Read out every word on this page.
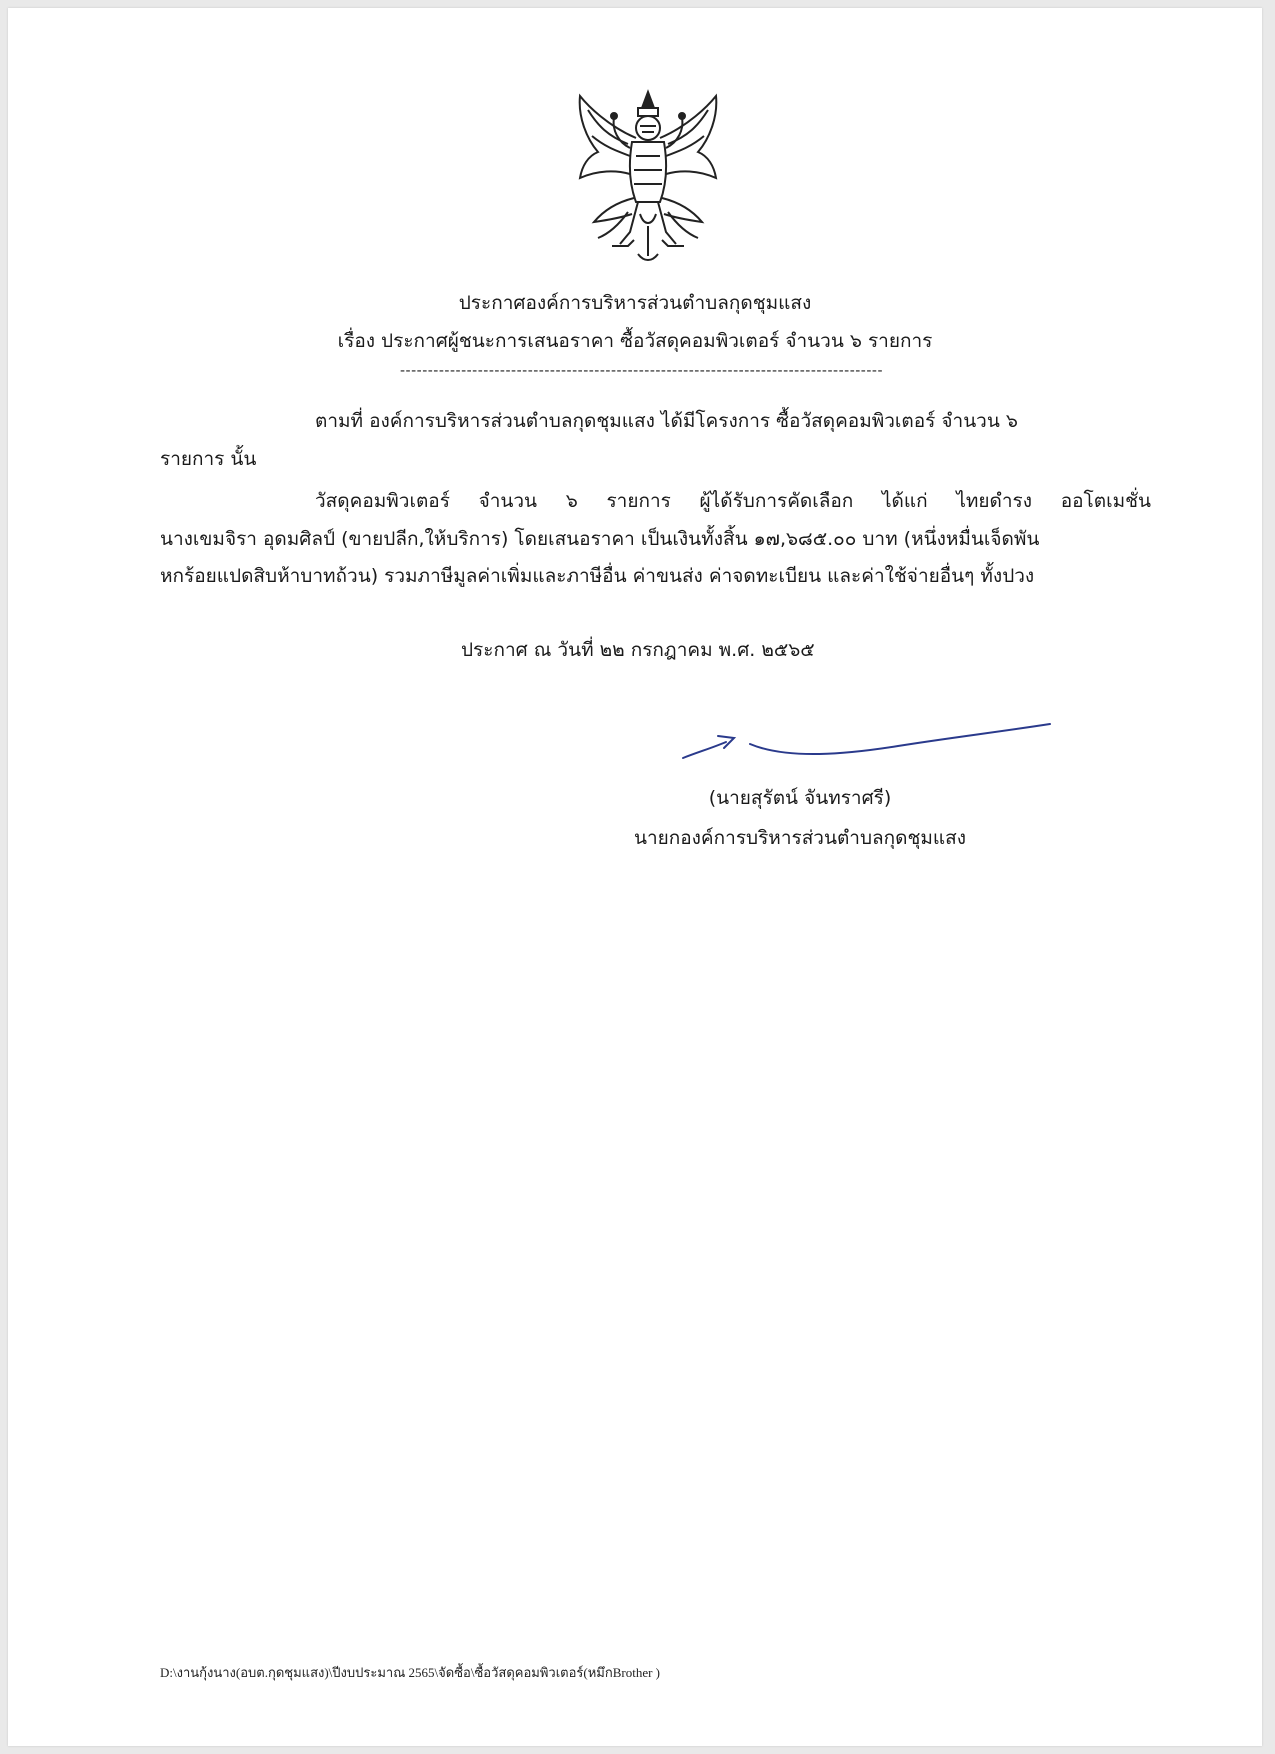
ประกาศองค์การบริหารส่วนตำบลกุดชุมแสง
เรื่อง ประกาศผู้ชนะการเสนอราคา ซื้อวัสดุคอมพิวเตอร์ จำนวน ๖ รายการ
---------------------------------------------------------------------------------------
ตามที่ องค์การบริหารส่วนตำบลกุดชุมแสง ได้มีโครงการ ซื้อวัสดุคอมพิวเตอร์ จำนวน ๖
รายการ นั้น
วัสดุคอมพิวเตอร์ จำนวน ๖ รายการ ผู้ได้รับการคัดเลือก ได้แก่ ไทยดำรง ออโตเมชั่น
นางเขมจิรา อุดมศิลป์ (ขายปลีก,ให้บริการ) โดยเสนอราคา เป็นเงินทั้งสิ้น ๑๗,๖๘๕.๐๐ บาท (หนึ่งหมื่นเจ็ดพัน
หกร้อยแปดสิบห้าบาทถ้วน) รวมภาษีมูลค่าเพิ่มและภาษีอื่น ค่าขนส่ง ค่าจดทะเบียน และค่าใช้จ่ายอื่นๆ ทั้งปวง
ประกาศ ณ วันที่ ๒๒ กรกฎาคม พ.ศ. ๒๕๖๕
(นายสุรัตน์ จันทราศรี)
นายกองค์การบริหารส่วนตำบลกุดชุมแสง
D:\งานกุ้งนาง(อบต.กุดชุมแสง)\ปีงบประมาณ 2565\จัดซื้อ\ซื้อวัสดุคอมพิวเตอร์(หมึกBrother )
